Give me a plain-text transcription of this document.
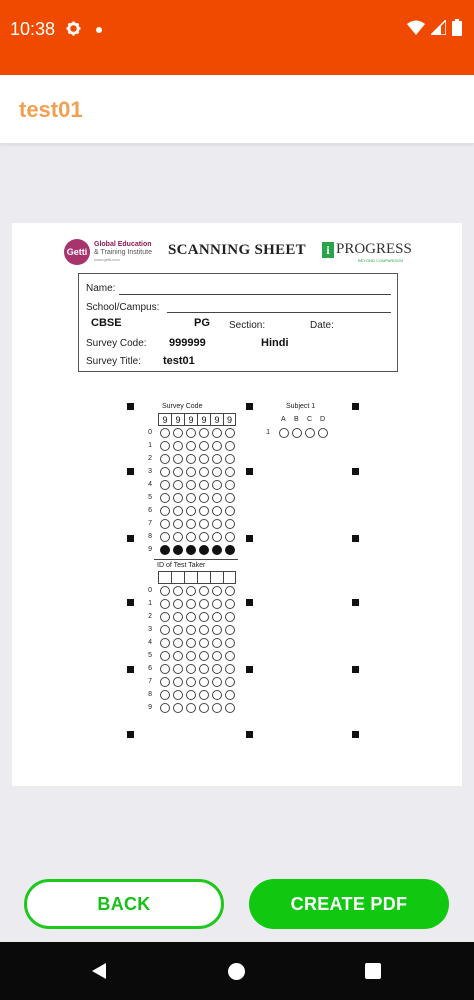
10:38
test01
Getti
Global Education
& Training Institute
www.getti.com
SCANNING SHEET	i PROGRESS
BEYOND COMPARISON
Name:
School/Campus:
CBSE	PG Section:	Date:
Survey Code: 999999	Hindi
Survey Title: test01
Survey Code
9 9 9 9 9 9
0
1
2
3
4
5
6
7
8
9
ID of Test Taker
0
1
2
3
4
5
6
7
8
9
Subject 1
A B C D
1
BACK	CREATE PDF
